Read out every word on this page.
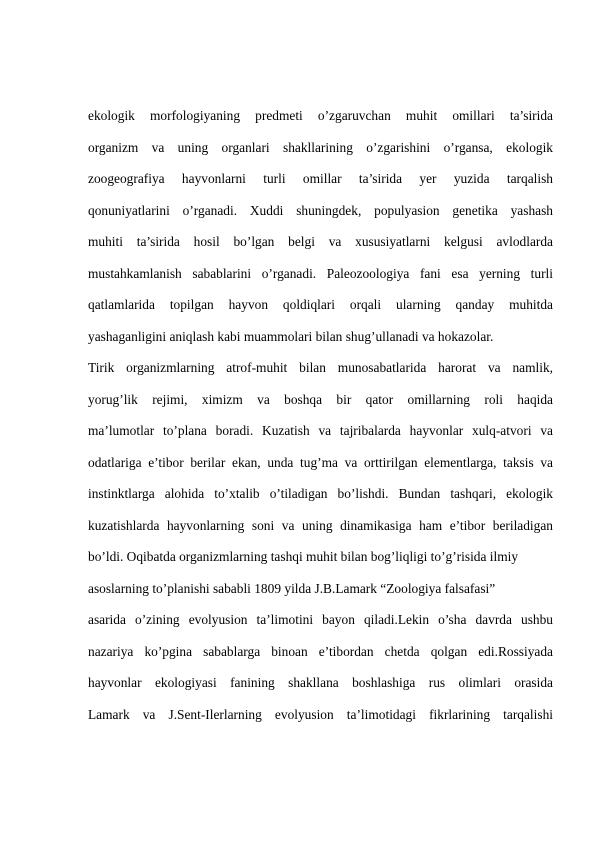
ekologik morfologiyaning predmeti o’zgaruvchan muhit omillari ta’sirida
organizm va uning organlari shakllarining o’zgarishini o’rgansa, ekologik
zoogeografiya hayvonlarni turli omillar ta’sirida yer yuzida tarqalish
qonuniyatlarini o’rganadi. Xuddi shuningdek, populyasion genetika yashash
muhiti ta’sirida hosil bo’lgan belgi va xususiyatlarni kelgusi avlodlarda
mustahkamlanish sabablarini o’rganadi. Paleozoologiya fani esa yerning turli
qatlamlarida topilgan hayvon qoldiqlari orqali ularning qanday muhitda
yashaganligini aniqlash kabi muammolari bilan shug’ullanadi va hokazolar.
Tirik organizmlarning atrof-muhit bilan munosabatlarida harorat va namlik,
yorug’lik rejimi, ximizm va boshqa bir qator omillarning roli haqida
ma’lumotlar to’plana boradi. Kuzatish va tajribalarda hayvonlar xulq-atvori va
odatlariga e’tibor berilar ekan, unda tug’ma va orttirilgan elementlarga, taksis va
instinktlarga alohida to’xtalib o’tiladigan bo’lishdi. Bundan tashqari, ekologik
kuzatishlarda hayvonlarning soni va uning dinamikasiga ham e’tibor beriladigan
bo’ldi. Oqibatda organizmlarning tashqi muhit bilan bog’liqligi to’g’risida ilmiy
asoslarning to’planishi sababli 1809 yilda J.B.Lamark “Zoologiya falsafasi”
asarida o’zining evolyusion ta’limotini bayon qiladi.Lekin o’sha davrda ushbu
nazariya ko’pgina sabablarga binoan e’tibordan chetda qolgan edi.Rossiyada
hayvonlar ekologiyasi fanining shakllana boshlashiga rus olimlari orasida
Lamark va J.Sent-Ilerlarning evolyusion ta’limotidagi fikrlarining tarqalishi
